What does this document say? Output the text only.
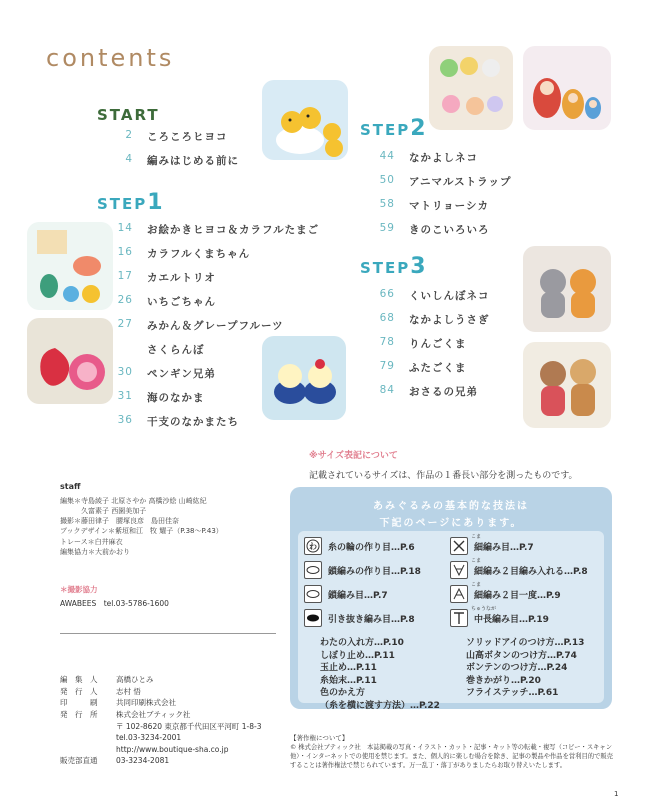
contents
START
2 ころころヒヨコ
4 編みはじめる前に
STEP1
14 お絵かきヒヨコ＆カラフルたまご
16 カラフルくまちゃん
17 カエルトリオ
26 いちごちゃん
27 みかん＆グレープフルーツ
さくらんぼ
30 ペンギン兄弟
31 海のなかま
36 干支のなかまたち
STEP2
44 なかよしネコ
50 アニマルストラップ
58 マトリョーシカ
59 きのこいろいろ
STEP3
66 くいしんぼネコ
68 なかよしうさぎ
78 りんごくま
79 ふたごくま
84 おさるの兄弟
※サイズ表記について
記載されているサイズは、作品の１番長い部分を測ったものです。
staff
編集＊寺島綾子 北原さやか 高橋沙絵 山崎紘紀
　　　久富素子 西園美加子
撮影＊藤田律子　腰塚良彦　島田佳奈
ブックデザイン＊紫垣和江　牧 耀子（P.38～P.43）
トレース＊白井麻衣
編集協力＊大前かおり
＊撮影協力
AWABEES　tel.03-5786-1600
編　集　人	高橋ひとみ
発　行　人	志村 悟
印　　　刷	共同印刷株式会社
発　行　所	株式会社ブティック社
〒 102-8620 東京都千代田区平河町 1-8-3
tel.03-3234-2001
http://www.boutique-sha.co.jp
販売部直通	03-3234-2081
あみぐるみの基本的な技法は
下記のページにあります。
わ 糸の輪の作り目…P.6
鎖編みの作り目…P.18
鎖編み目…P.7
引き抜き編み目…P.8
細編み目…P.7
細編み２目編み入れる…P.8
細編み２目一度…P.9
中長編み目…P.19
こま
こま
こま
ちゅうなが
わたの入れ方…P.10
しぼり止め…P.11
玉止め…P.11
糸始末…P.11
色のかえ方
（糸を横に渡す方法）…P.22
ソリッドアイのつけ方…P.13
山高ボタンのつけ方…P.74
ボンテンのつけ方…P.24
巻きかがり…P.20
フライステッチ…P.61
【著作権について】
© 株式会社ブティック社　本誌掲載の写真・イラスト・カット・記事・キット等の転載・複写（コピー・スキャン他）・インターネットでの使用を禁じます。また、個人的に楽しむ場合を除き、記事の製品や作品を営利目的で販売することは著作権法で禁じられています。万一乱丁・落丁がありましたらお取り替えいたします。
1
